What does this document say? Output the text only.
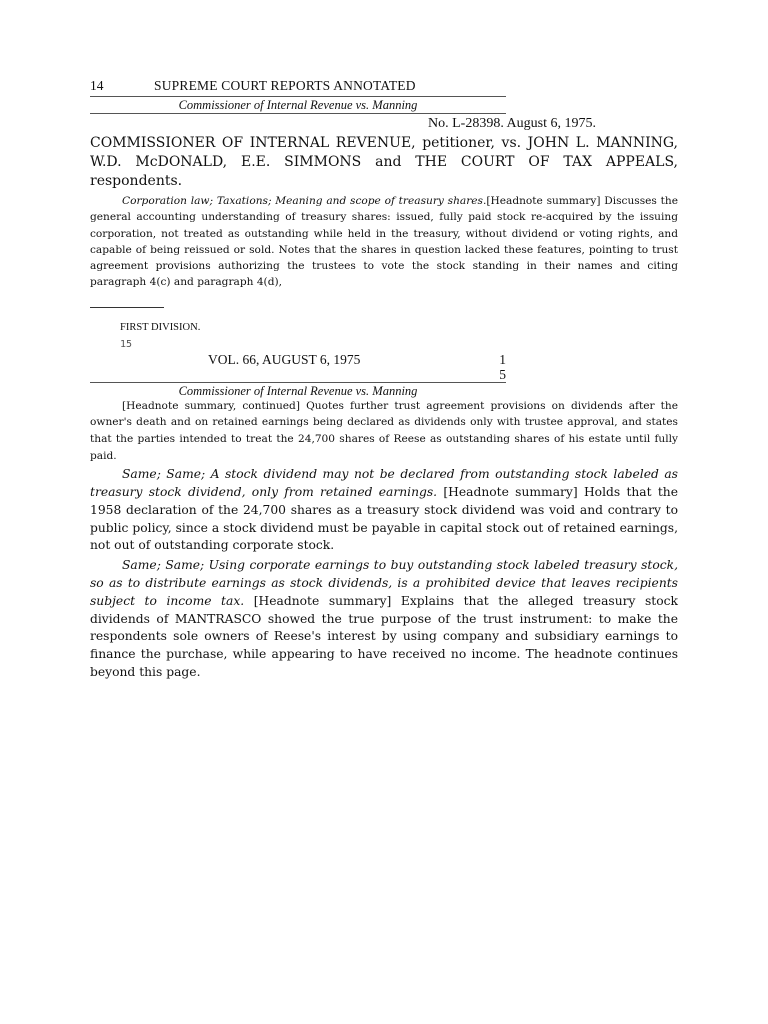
14	SUPREME COURT REPORTS ANNOTATED
Commissioner of Internal Revenue vs. Manning
No. L-28398. August 6, 1975.
COMMISSIONER OF INTERNAL REVENUE, petitioner, vs. JOHN L. MANNING, W.D. McDONALD, E.E. SIMMONS and THE COURT OF TAX APPEALS, respondents.

Corporation law; Taxations; Meaning and scope of treasury shares.[Headnote summary] Discusses the general accounting understanding of treasury shares: issued, fully paid stock re-acquired by the issuing corporation, not treated as outstanding while held in the treasury, without dividend or voting rights, and capable of being reissued or sold. Notes that the shares in question lacked these features, pointing to trust agreement provisions authorizing the trustees to vote the stock standing in their names and citing paragraph 4(c) and paragraph 4(d),

FIRST DIVISION.
15
VOL. 66, AUGUST 6, 1975	1
5
Commissioner of Internal Revenue vs. Manning

[Headnote summary, continued] Quotes further trust agreement provisions on dividends after the owner's death and on retained earnings being declared as dividends only with trustee approval, and states that the parties intended to treat the 24,700 shares of Reese as outstanding shares of his estate until fully paid.

Same; Same; A stock dividend may not be declared from outstanding stock labeled as treasury stock dividend, only from retained earnings. [Headnote summary] Holds that the 1958 declaration of the 24,700 shares as a treasury stock dividend was void and contrary to public policy, since a stock dividend must be payable in capital stock out of retained earnings, not out of outstanding corporate stock.

Same; Same; Using corporate earnings to buy outstanding stock labeled treasury stock, so as to distribute earnings as stock dividends, is a prohibited device that leaves recipients subject to income tax. [Headnote summary] Explains that the alleged treasury stock dividends of MANTRASCO showed the true purpose of the trust instrument: to make the respondents sole owners of Reese's interest by using company and subsidiary earnings to finance the purchase, while appearing to have received no income. The headnote continues beyond this page.
